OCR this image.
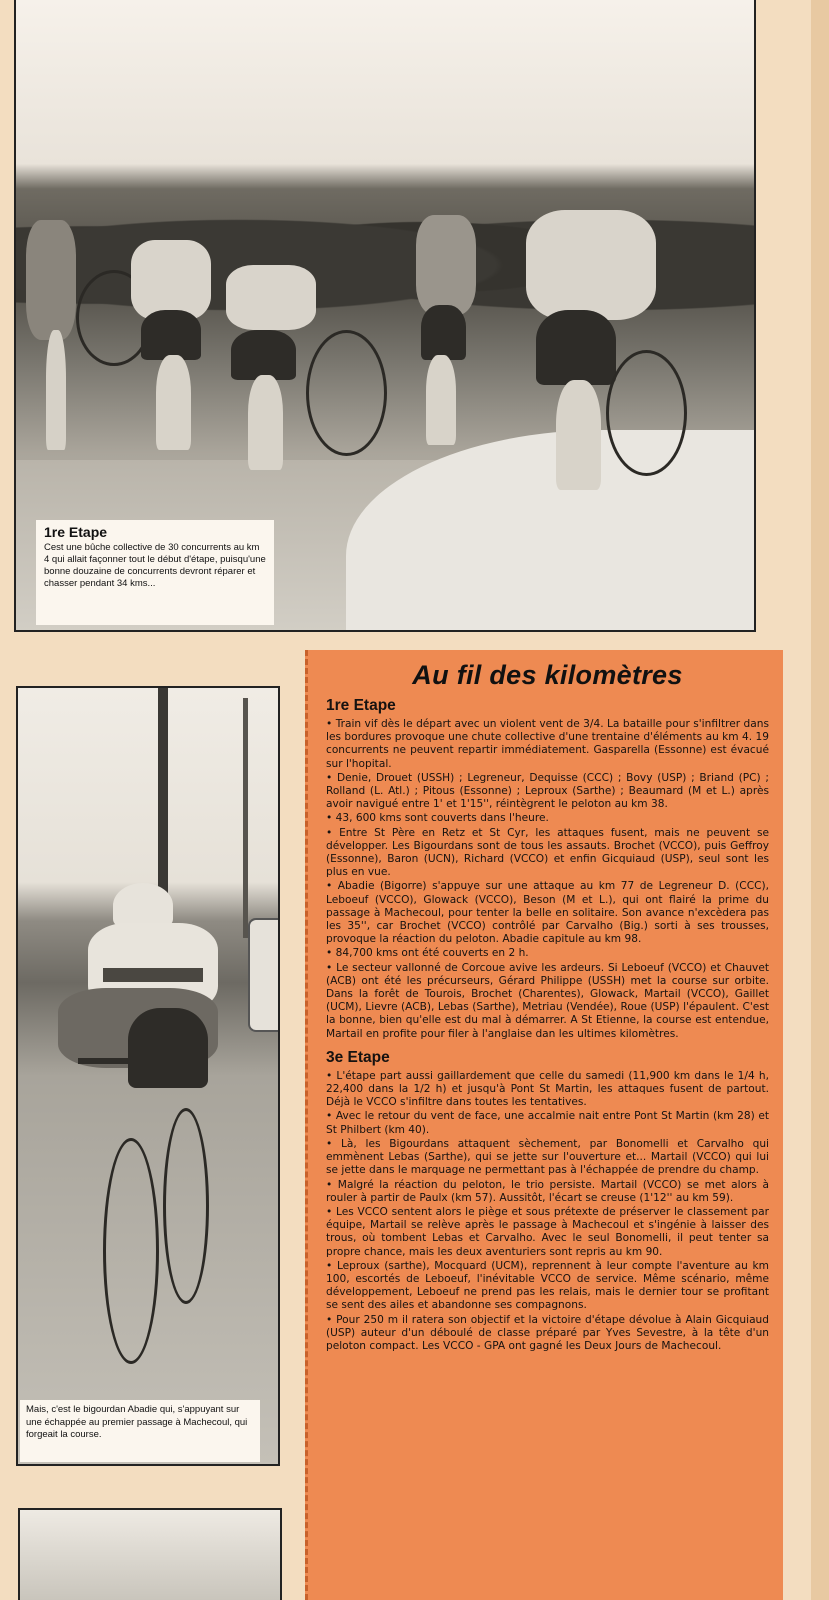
1re Etape
Cest une bûche collective de 30 concurrents au km 4 qui allait façonner tout le début d'étape, puisqu'une bonne douzaine de concurrents devront réparer et chasser pendant 34 kms...
Mais, c'est le bigourdan Abadie qui, s'appuyant sur une échappée au premier passage à Machecoul, qui forgeait la course.
Au fil des kilomètres
1re Etape

• Train vif dès le départ avec un violent vent de 3/4. La bataille pour s'infiltrer dans les bordures provoque une chute collective d'une trentaine d'éléments au km 4. 19 concurrents ne peuvent repartir immédiatement. Gasparella (Essonne) est évacué sur l'hopital.

• Denie, Drouet (USSH) ; Legreneur, Dequisse (CCC) ; Bovy (USP) ; Briand (PC) ; Rolland (L. Atl.) ; Pitous (Essonne) ; Leproux (Sarthe) ; Beaumard (M et L.) après avoir navigué entre 1' et 1'15'', réintègrent le peloton au km 38.

• 43, 600 kms sont couverts dans l'heure.

• Entre St Père en Retz et St Cyr, les attaques fusent, mais ne peuvent se développer. Les Bigourdans sont de tous les assauts. Brochet (VCCO), puis Geffroy (Essonne), Baron (UCN), Richard (VCCO) et enfin Gicquiaud (USP), seul sont les plus en vue.

• Abadie (Bigorre) s'appuye sur une attaque au km 77 de Legreneur D. (CCC), Leboeuf (VCCO), Glowack (VCCO), Beson (M et L.), qui ont flairé la prime du passage à Machecoul, pour tenter la belle en solitaire. Son avance n'excèdera pas les 35'', car Brochet (VCCO) contrôlé par Carvalho (Big.) sorti à ses trousses, provoque la réaction du peloton. Abadie capitule au km 98.

• 84,700 kms ont été couverts en 2 h.

• Le secteur vallonné de Corcoue avive les ardeurs. Si Leboeuf (VCCO) et Chauvet (ACB) ont été les précurseurs, Gérard Philippe (USSH) met la course sur orbite. Dans la forêt de Tourois, Brochet (Charentes), Glowack, Martail (VCCO), Gaillet (UCM), Lievre (ACB), Lebas (Sarthe), Metriau (Vendée), Roue (USP) l'épaulent. C'est la bonne, bien qu'elle est du mal à démarrer. A St Etienne, la course est entendue, Martail en profite pour filer à l'anglaise dan les ultimes kilomètres.

3e Etape

• L'étape part aussi gaillardement que celle du samedi (11,900 km dans le 1/4 h, 22,400 dans la 1/2 h) et jusqu'à Pont St Martin, les attaques fusent de partout. Déjà le VCCO s'infiltre dans toutes les tentatives.

• Avec le retour du vent de face, une accalmie nait entre Pont St Martin (km 28) et St Philbert (km 40).

• Là, les Bigourdans attaquent sèchement, par Bonomelli et Carvalho qui emmènent Lebas (Sarthe), qui se jette sur l'ouverture et... Martail (VCCO) qui lui se jette dans le marquage ne permettant pas à l'échappée de prendre du champ.

• Malgré la réaction du peloton, le trio persiste. Martail (VCCO) se met alors à rouler à partir de Paulx (km 57). Aussitôt, l'écart se creuse (1'12'' au km 59).

• Les VCCO sentent alors le piège et sous prétexte de préserver le classement par équipe, Martail se relève après le passage à Machecoul et s'ingénie à laisser des trous, où tombent Lebas et Carvalho. Avec le seul Bonomelli, il peut tenter sa propre chance, mais les deux aventuriers sont repris au km 90.

• Leproux (sarthe), Mocquard (UCM), reprennent à leur compte l'aventure au km 100, escortés de Leboeuf, l'inévitable VCCO de service. Même scénario, même développement, Leboeuf ne prend pas les relais, mais le dernier tour se profitant se sent des ailes et abandonne ses compagnons.

• Pour 250 m il ratera son objectif et la victoire d'étape dévolue à Alain Gicquiaud (USP) auteur d'un déboulé de classe préparé par Yves Sevestre, à la tête d'un peloton compact. Les VCCO - GPA ont gagné les Deux Jours de Machecoul.
